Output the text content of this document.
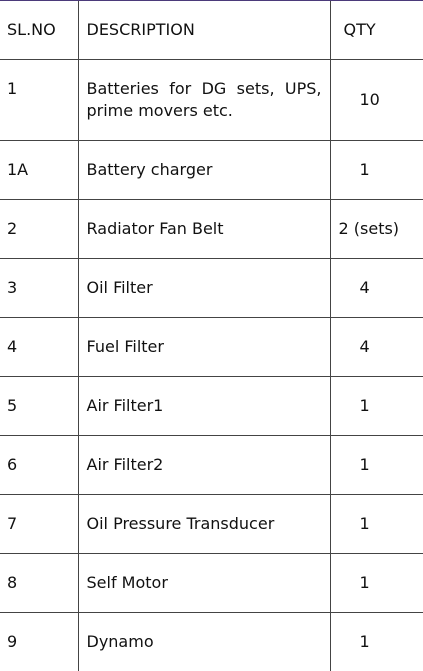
SL.NO	DESCRIPTION	QTY
1	Batteries for DG sets, UPS, prime movers etc.	10
1A	Battery charger	1
2	Radiator Fan Belt	2 (sets)
3	Oil Filter	4
4	Fuel Filter	4
5	Air Filter1	1
6	Air Filter2	1
7	Oil Pressure Transducer	1
8	Self Motor	1
9	Dynamo	1
